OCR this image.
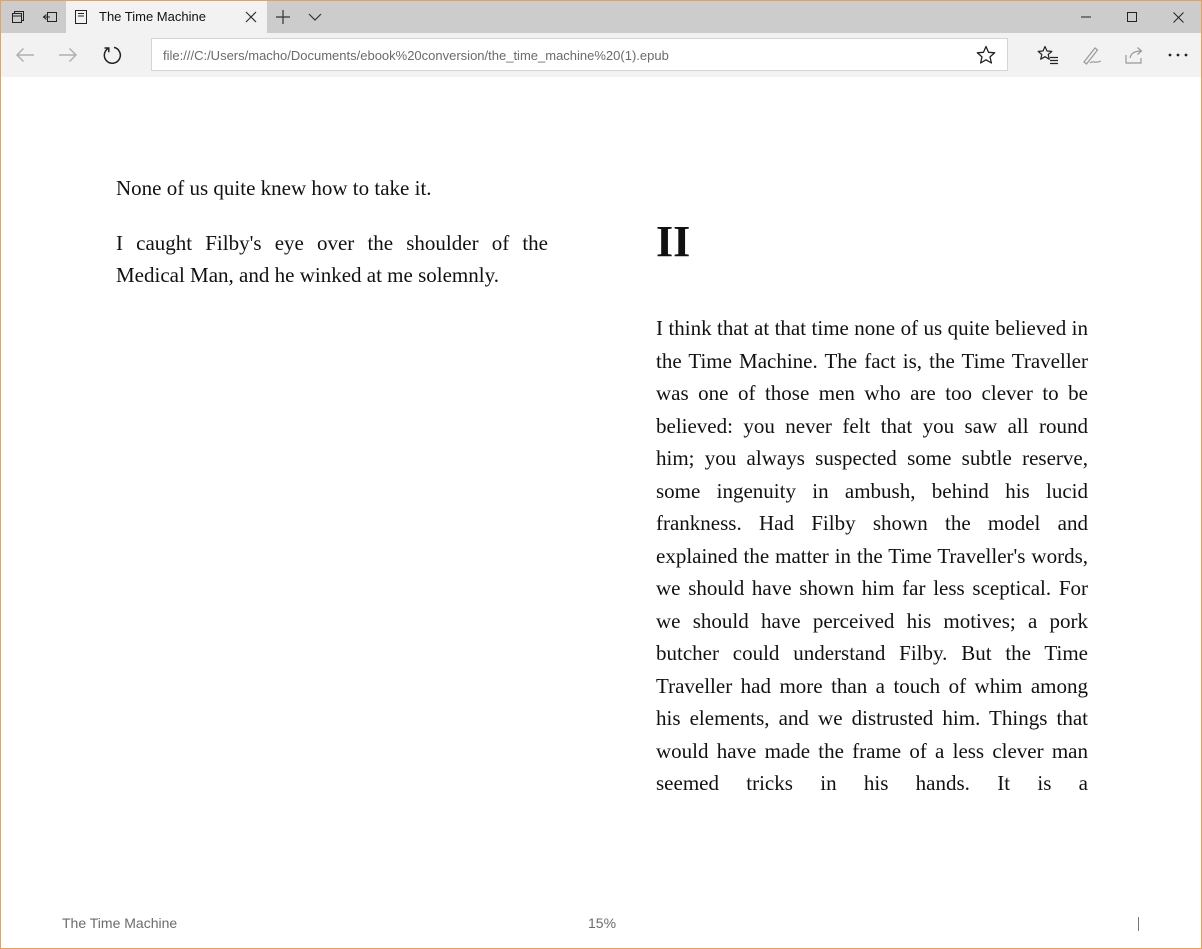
The Time Machine
file:///C:/Users/macho/Documents/ebook%20conversion/the_time_machine%20(1).epub

None of us quite knew how to take it.

I caught Filby's eye over the shoulder of the Medical Man, and he winked at me solemnly.

II

I think that at that time none of us quite believed in the Time Machine. The fact is, the Time Traveller was one of those men who are too clever to be believed: you never felt that you saw all round him; you always suspected some subtle reserve, some ingenuity in ambush, behind his lucid frankness. Had Filby shown the model and explained the matter in the Time Traveller's words, we should have shown him far less sceptical. For we should have perceived his motives; a pork butcher could understand Filby. But the Time Traveller had more than a touch of whim among his elements, and we distrusted him. Things that would have made the frame of a less clever man seemed tricks in his hands. It is a

The Time Machine	15%
